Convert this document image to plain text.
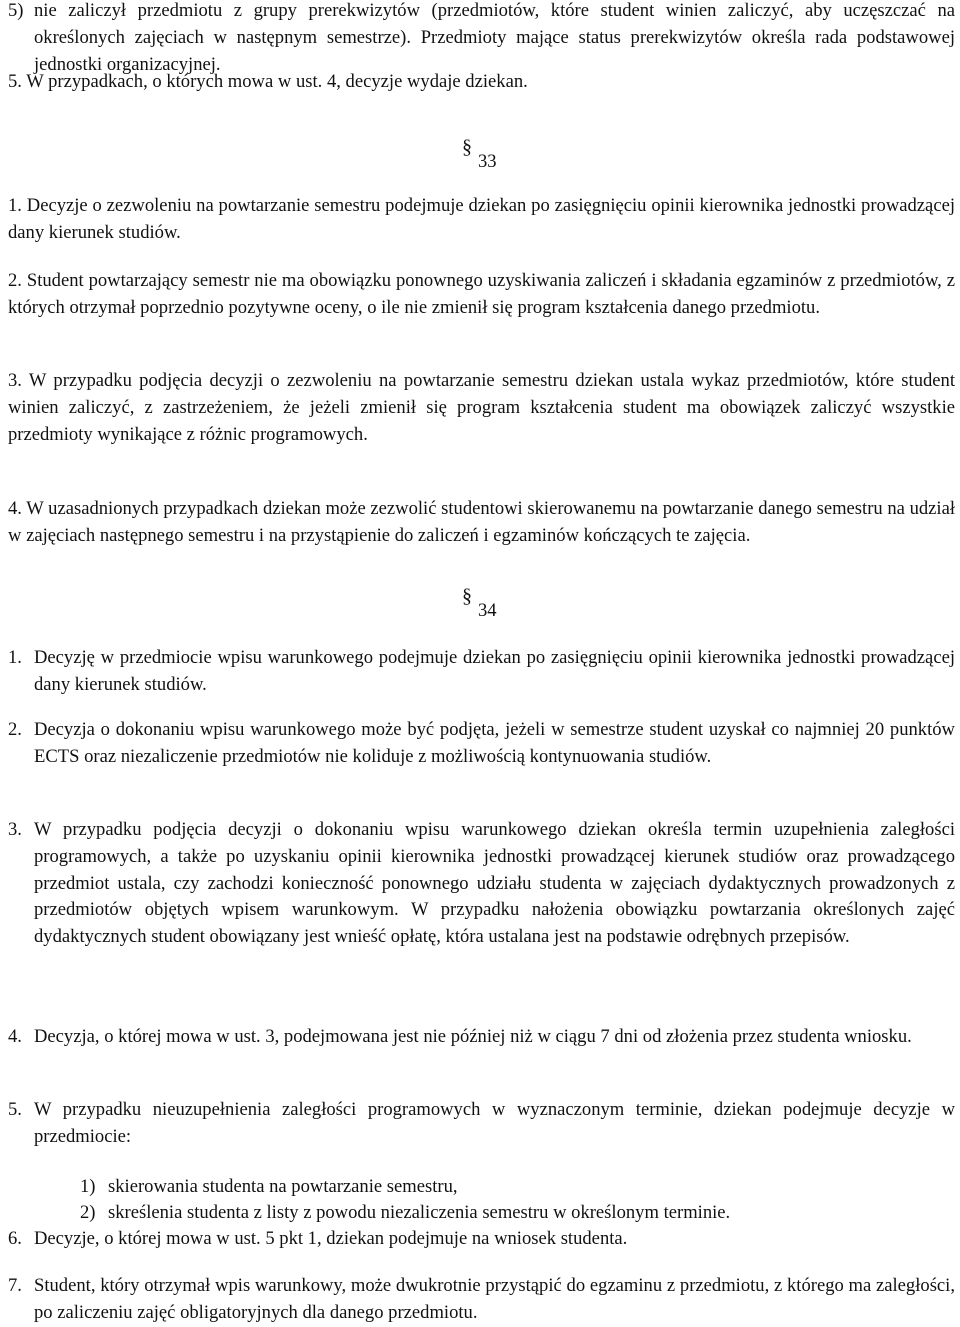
5) nie zaliczył przedmiotu z grupy prerekwizytów (przedmiotów, które student winien zaliczyć, aby uczęszczać na określonych zajęciach w następnym semestrze). Przedmioty mające status prerekwizytów określa rada podstawowej jednostki organizacyjnej.

5. W przypadkach, o których mowa w ust. 4, decyzje wydaje dziekan.

§33

1. Decyzje o zezwoleniu na powtarzanie semestru podejmuje dziekan po zasięgnięciu opinii kierownika jednostki prowadzącej dany kierunek studiów.

2. Student powtarzający semestr nie ma obowiązku ponownego uzyskiwania zaliczeń i składania egzaminów z przedmiotów, z których otrzymał poprzednio pozytywne oceny, o ile nie zmienił się program kształcenia danego przedmiotu.

3. W przypadku podjęcia decyzji o zezwoleniu na powtarzanie semestru dziekan ustala wykaz przedmiotów, które student winien zaliczyć, z zastrzeżeniem, że jeżeli zmienił się program kształcenia student ma obowiązek zaliczyć wszystkie przedmioty wynikające z różnic programowych.

4. W uzasadnionych przypadkach dziekan może zezwolić studentowi skierowanemu na powtarzanie danego semestru na udział w zajęciach następnego semestru i na przystąpienie do zaliczeń i egzaminów kończących te zajęcia.

§34

1. Decyzję w przedmiocie wpisu warunkowego podejmuje dziekan po zasięgnięciu opinii kierownika jednostki prowadzącej dany kierunek studiów.

2. Decyzja o dokonaniu wpisu warunkowego może być podjęta, jeżeli w semestrze student uzyskał co najmniej 20 punktów ECTS oraz niezaliczenie przedmiotów nie koliduje z możliwością kontynuowania studiów.

3. W przypadku podjęcia decyzji o dokonaniu wpisu warunkowego dziekan określa termin uzupełnienia zaległości programowych, a także po uzyskaniu opinii kierownika jednostki prowadzącej kierunek studiów oraz prowadzącego przedmiot ustala, czy zachodzi konieczność ponownego udziału studenta w zajęciach dydaktycznych prowadzonych z przedmiotów objętych wpisem warunkowym. W przypadku nałożenia obowiązku powtarzania określonych zajęć dydaktycznych student obowiązany jest wnieść opłatę, która ustalana jest na podstawie odrębnych przepisów.

4. Decyzja, o której mowa w ust. 3, podejmowana jest nie później niż w ciągu 7 dni od złożenia przez studenta wniosku.

5. W przypadku nieuzupełnienia zaległości programowych w wyznaczonym terminie, dziekan podejmuje decyzje w przedmiocie:

1) skierowania studenta na powtarzanie semestru,

2) skreślenia studenta z listy z powodu niezaliczenia semestru w określonym terminie.

6. Decyzje, o której mowa w ust. 5 pkt 1, dziekan podejmuje na wniosek studenta.

7. Student, który otrzymał wpis warunkowy, może dwukrotnie przystąpić do egzaminu z przedmiotu, z którego ma zaległości, po zaliczeniu zajęć obligatoryjnych dla danego przedmiotu.
